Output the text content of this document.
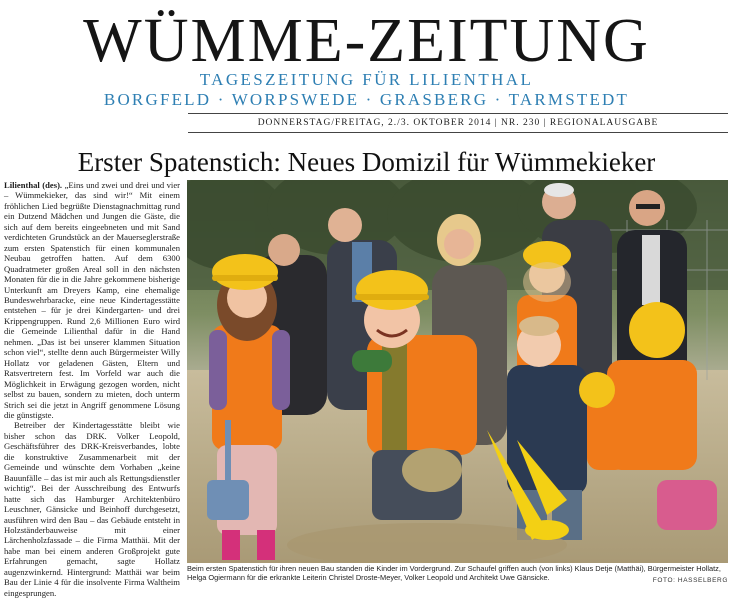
WÜMME-ZEITUNG
TAGESZEITUNG FÜR LILIENTHAL
BORGFELD · WORPSWEDE · GRASBERG · TARMSTEDT
DONNERSTAG/FREITAG, 2./3. OKTOBER 2014 | NR. 230 | REGIONALAUSGABE
Erster Spatenstich: Neues Domizil für Wümmekieker

Lilienthal (des). „Eins und zwei und drei und vier – Wümmekieker, das sind wir!“ Mit einem fröhlichen Lied begrüßte Dienstagnachmittag rund ein Dutzend Mädchen und Jungen die Gäste, die sich auf dem bereits eingeebneten und mit Sand verdichteten Grundstück an der Mauerseglerstraße zum ersten Spatenstich für einen kommunalen Neubau getroffen hatten. Auf dem 6300 Quadratmeter großen Areal soll in den nächsten Monaten für die in die Jahre gekommene bisherige Unterkunft am Dreyers Kamp, eine ehemalige Bundeswehrbaracke, eine neue Kindertagesstätte entstehen – für je drei Kindergarten- und drei Krippengruppen. Rund 2,6 Millionen Euro wird die Gemeinde Lilienthal dafür in die Hand nehmen. „Das ist bei unserer klammen Situation schon viel“, stellte denn auch Bürgermeister Willy Hollatz vor geladenen Gästen, Eltern und Ratsvertretern fest. Im Vorfeld war auch die Möglichkeit in Erwägung gezogen worden, nicht selbst zu bauen, sondern zu mieten, doch unterm Strich sei die jetzt in Angriff genommene Lösung die günstigste.

Betreiber der Kindertagesstätte bleibt wie bisher schon das DRK. Volker Leopold, Geschäftsführer des DRK-Kreisverbandes, lobte die konstruktive Zusammenarbeit mit der Gemeinde und wünschte dem Vorhaben „keine Bauunfälle – das ist mir auch als Rettungsdienstler wichtig“. Bei der Ausschreibung des Entwurfs hatte sich das Hamburger Architektenbüro Leuschner, Gänsicke und Beinhoff durchgesetzt, ausführen wird den Bau – das Gebäude entsteht in Holzständerbauweise mit einer Lärchenholzfassade – die Firma Matthäi. Mit der habe man bei einem anderen Großprojekt gute Erfahrungen gemacht, sagte Hollatz augenzwinkernd. Hintergrund: Matthäi war beim Bau der Linie 4 für die insolvente Firma Waltheim eingesprungen.

Beim ersten Spatenstich für ihren neuen Bau standen die Kinder im Vordergrund. Zur Schaufel griffen auch (von links) Klaus Detje (Matthäi), Bürgermeister Hollatz, Helga Ogiermann für die erkrankte Leiterin Christel Droste-Meyer, Volker Leopold und Architekt Uwe Gänsicke.	FOTO: HASSELBERG
